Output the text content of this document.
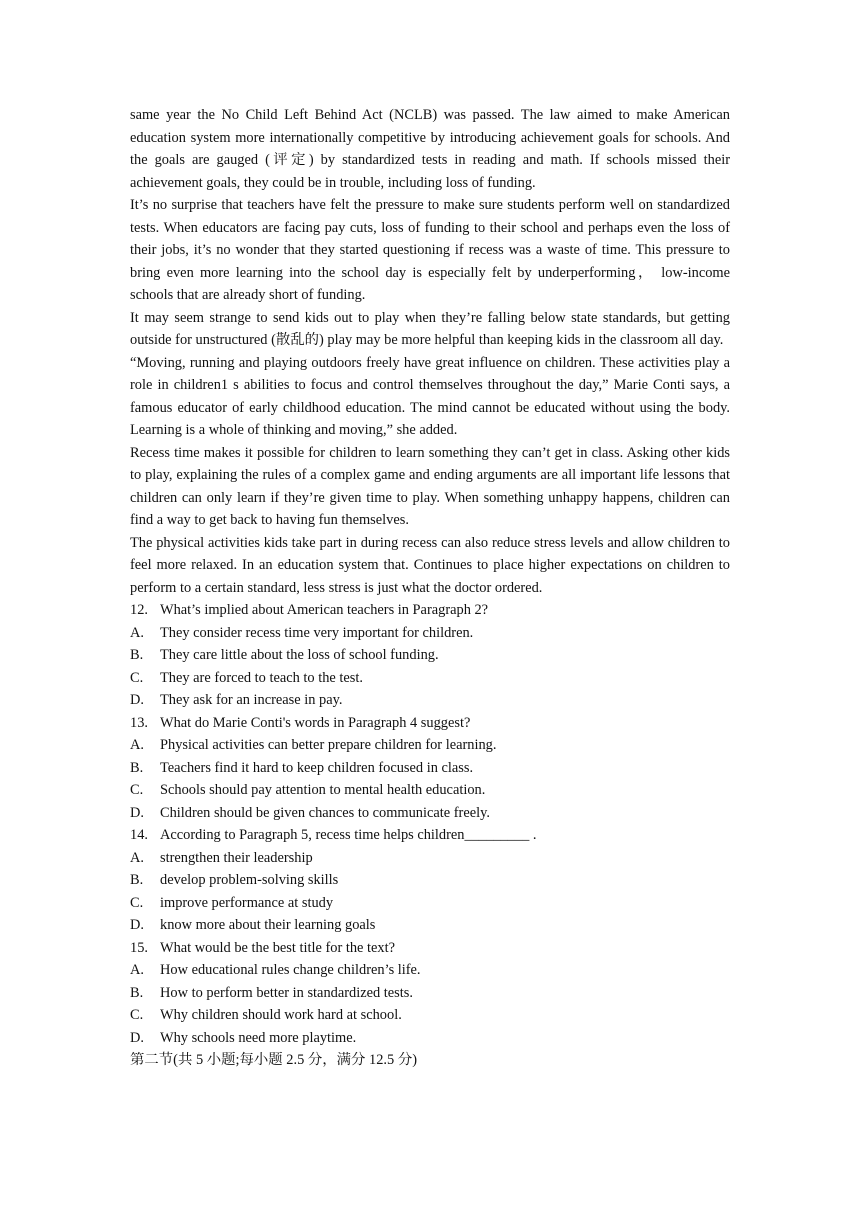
same year the No Child Left Behind Act (NCLB) was passed. The law aimed to make American education system more internationally competitive by introducing achievement goals for schools. And the goals are gauged (评定) by standardized tests in reading and math. If schools missed their achievement goals, they could be in trouble, including loss of funding.

It’s no surprise that teachers have felt the pressure to make sure students perform well on standardized tests. When educators are facing pay cuts, loss of funding to their school and perhaps even the loss of their jobs, it’s no wonder that they started questioning if recess was a waste of time. This pressure to bring even more learning into the school day is especially felt by underperforming， low-income schools that are already short of funding.

It may seem strange to send kids out to play when they’re falling below state standards, but getting outside for unstructured (散乱的) play may be more helpful than keeping kids in the classroom all day.

“Moving, running and playing outdoors freely have great influence on children. These activities play a role in children1 s abilities to focus and control themselves throughout the day,” Marie Conti says, a famous educator of early childhood education. The mind cannot be educated without using the body. Learning is a whole of thinking and moving,” she added.

Recess time makes it possible for children to learn something they can’t get in class. Asking other kids to play, explaining the rules of a complex game and ending arguments are all important life lessons that children can only learn if they’re given time to play. When something unhappy happens, children can find a way to get back to having fun themselves.

The physical activities kids take part in during recess can also reduce stress levels and allow children to feel more relaxed. In an education system that. Continues to place higher expectations on children to perform to a certain standard, less stress is just what the doctor ordered.

12. What’s implied about American teachers in Paragraph 2?

A. They consider recess time very important for children.

B. They care little about the loss of school funding.

C. They are forced to teach to the test.

D. They ask for an increase in pay.

13. What do Marie Conti's words in Paragraph 4 suggest?

A. Physical activities can better prepare children for learning.

B. Teachers find it hard to keep children focused in class.

C. Schools should pay attention to mental health education.

D. Children should be given chances to communicate freely.

14. According to Paragraph 5, recess time helps children_________ .

A. strengthen their leadership

B. develop problem-solving skills

C. improve performance at study

D. know more about their learning goals

15. What would be the best title for the text?

A. How educational rules change children’s life.

B. How to perform better in standardized tests.

C. Why children should work hard at school.

D. Why schools need more playtime.

第二节(共 5 小题;每小题 2.5 分，满分 12.5 分)
